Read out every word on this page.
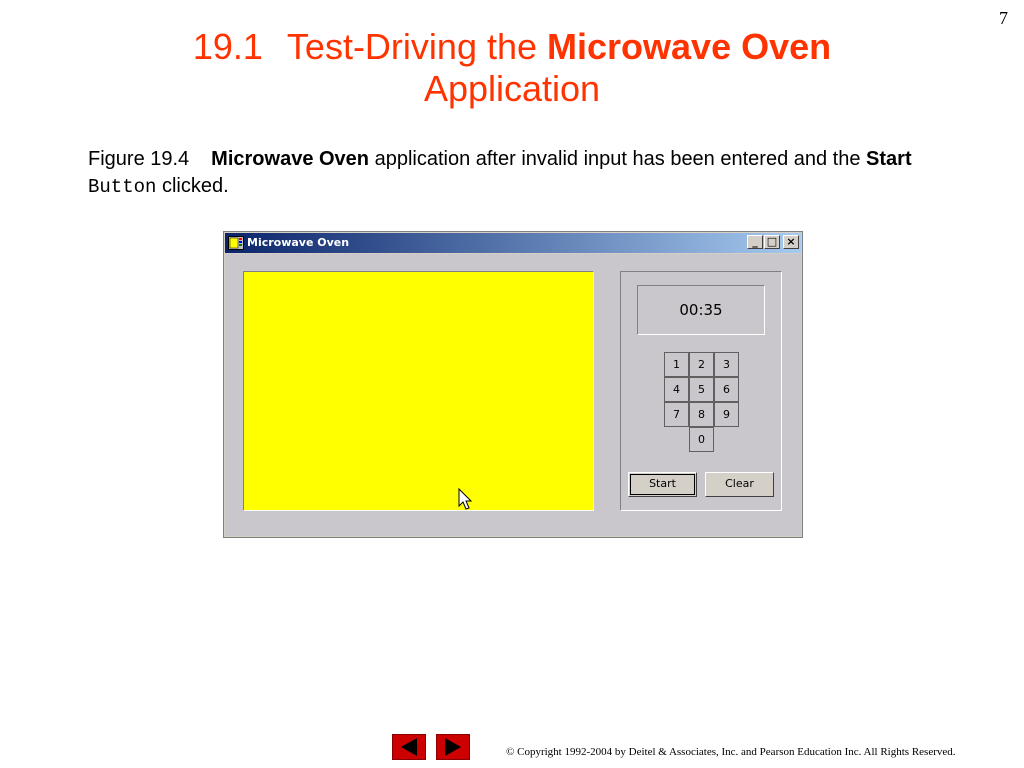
7
19.1 Test-Driving the Microwave Oven
Application
Figure 19.4 Microwave Oven application after invalid input has been entered and the Start Button clicked.
Microwave Oven	_ □ ×
00:35
1	2	3
4	5	6
7	8	9
0
Start	Clear
© Copyright 1992-2004 by Deitel & Associates, Inc. and Pearson Education Inc. All Rights Reserved.
